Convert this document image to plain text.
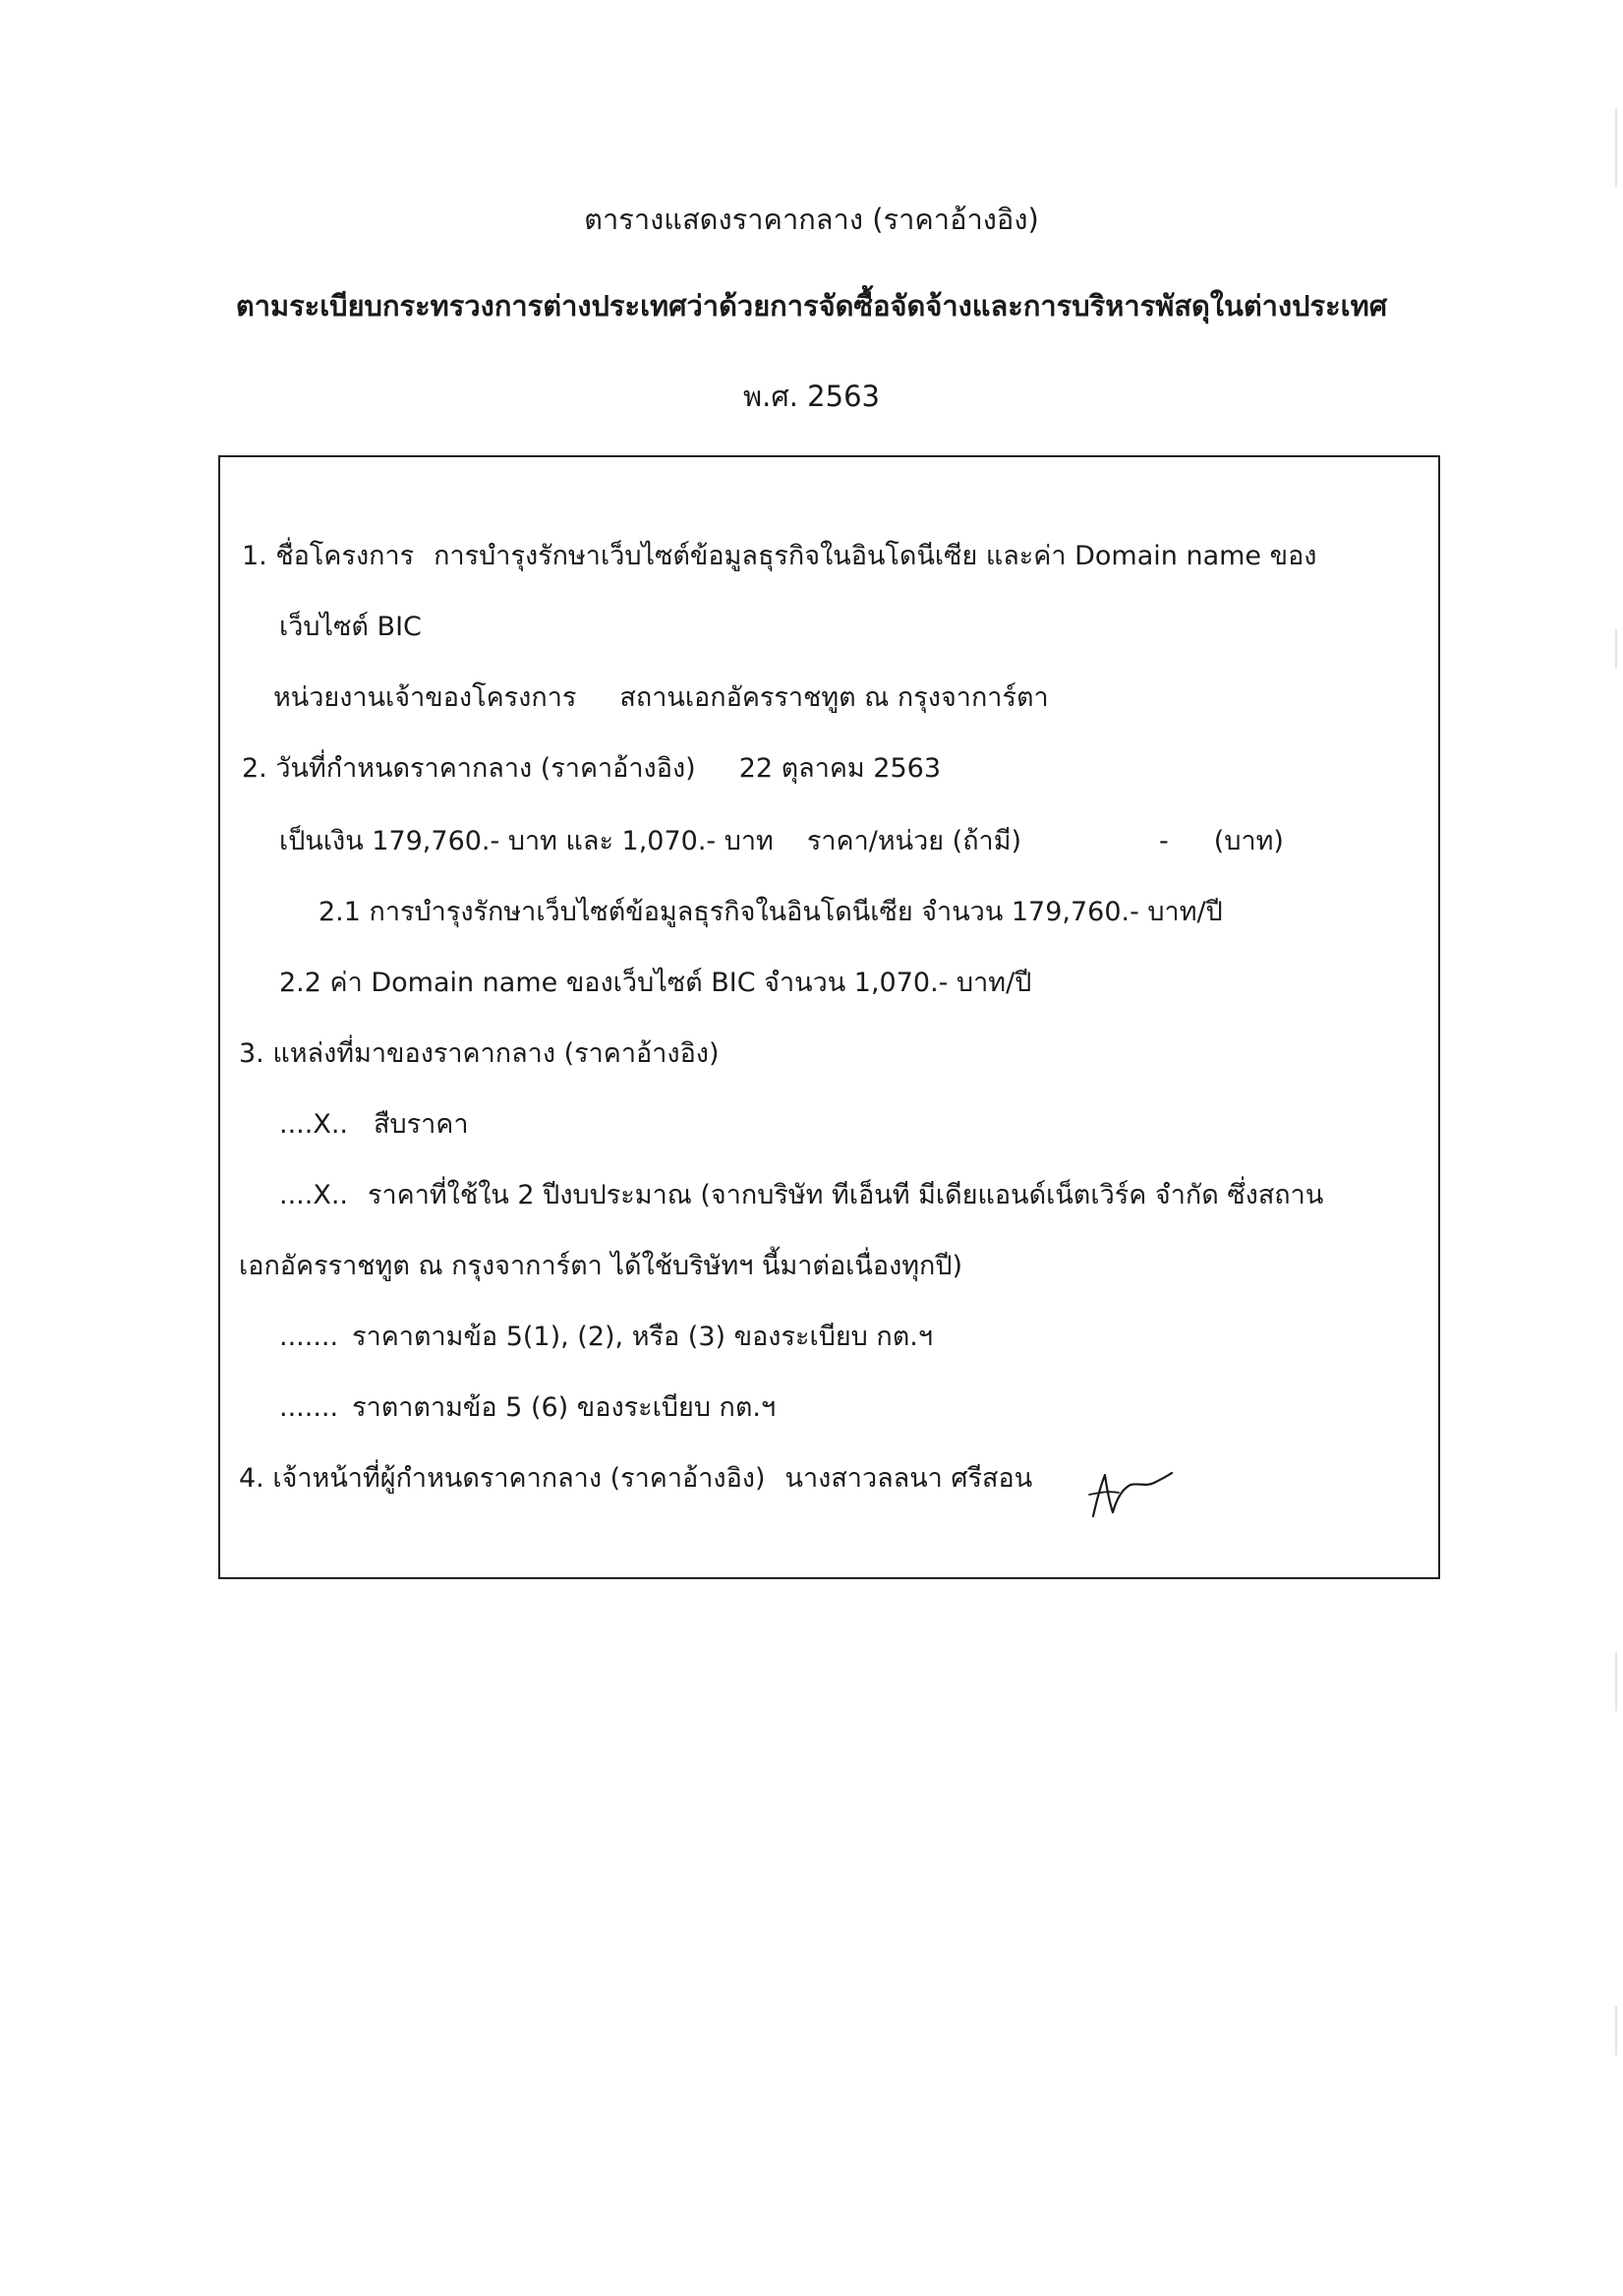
ตารางแสดงราคากลาง (ราคาอ้างอิง)
ตามระเบียบกระทรวงการต่างประเทศว่าด้วยการจัดซื้อจัดจ้างและการบริหารพัสดุในต่างประเทศ
พ.ศ. 2563
1. ชื่อโครงการ การบำรุงรักษาเว็บไซต์ข้อมูลธุรกิจในอินโดนีเซีย และค่า Domain name ของ
เว็บไซต์ BIC
หน่วยงานเจ้าของโครงการ สถานเอกอัครราชทูต ณ กรุงจาการ์ตา
2. วันที่กำหนดราคากลาง (ราคาอ้างอิง) 22 ตุลาคม 2563
เป็นเงิน 179,760.- บาท และ 1,070.- บาท ราคา/หน่วย (ถ้ามี)	- (บาท)
2.1 การบำรุงรักษาเว็บไซต์ข้อมูลธุรกิจในอินโดนีเซีย จำนวน 179,760.- บาท/ปี
2.2 ค่า Domain name ของเว็บไซต์ BIC จำนวน 1,070.- บาท/ปี
3. แหล่งที่มาของราคากลาง (ราคาอ้างอิง)
....X.. สืบราคา
....X.. ราคาที่ใช้ใน 2 ปีงบประมาณ (จากบริษัท ทีเอ็นที มีเดียแอนด์เน็ตเวิร์ค จำกัด ซึ่งสถาน
เอกอัครราชทูต ณ กรุงจาการ์ตา ได้ใช้บริษัทฯ นี้มาต่อเนื่องทุกปี)
....... ราคาตามข้อ 5(1), (2), หรือ (3) ของระเบียบ กต.ฯ
....... ราตาตามข้อ 5 (6) ของระเบียบ กต.ฯ
4. เจ้าหน้าที่ผู้กำหนดราคากลาง (ราคาอ้างอิง) นางสาวลลนา ศรีสอน
